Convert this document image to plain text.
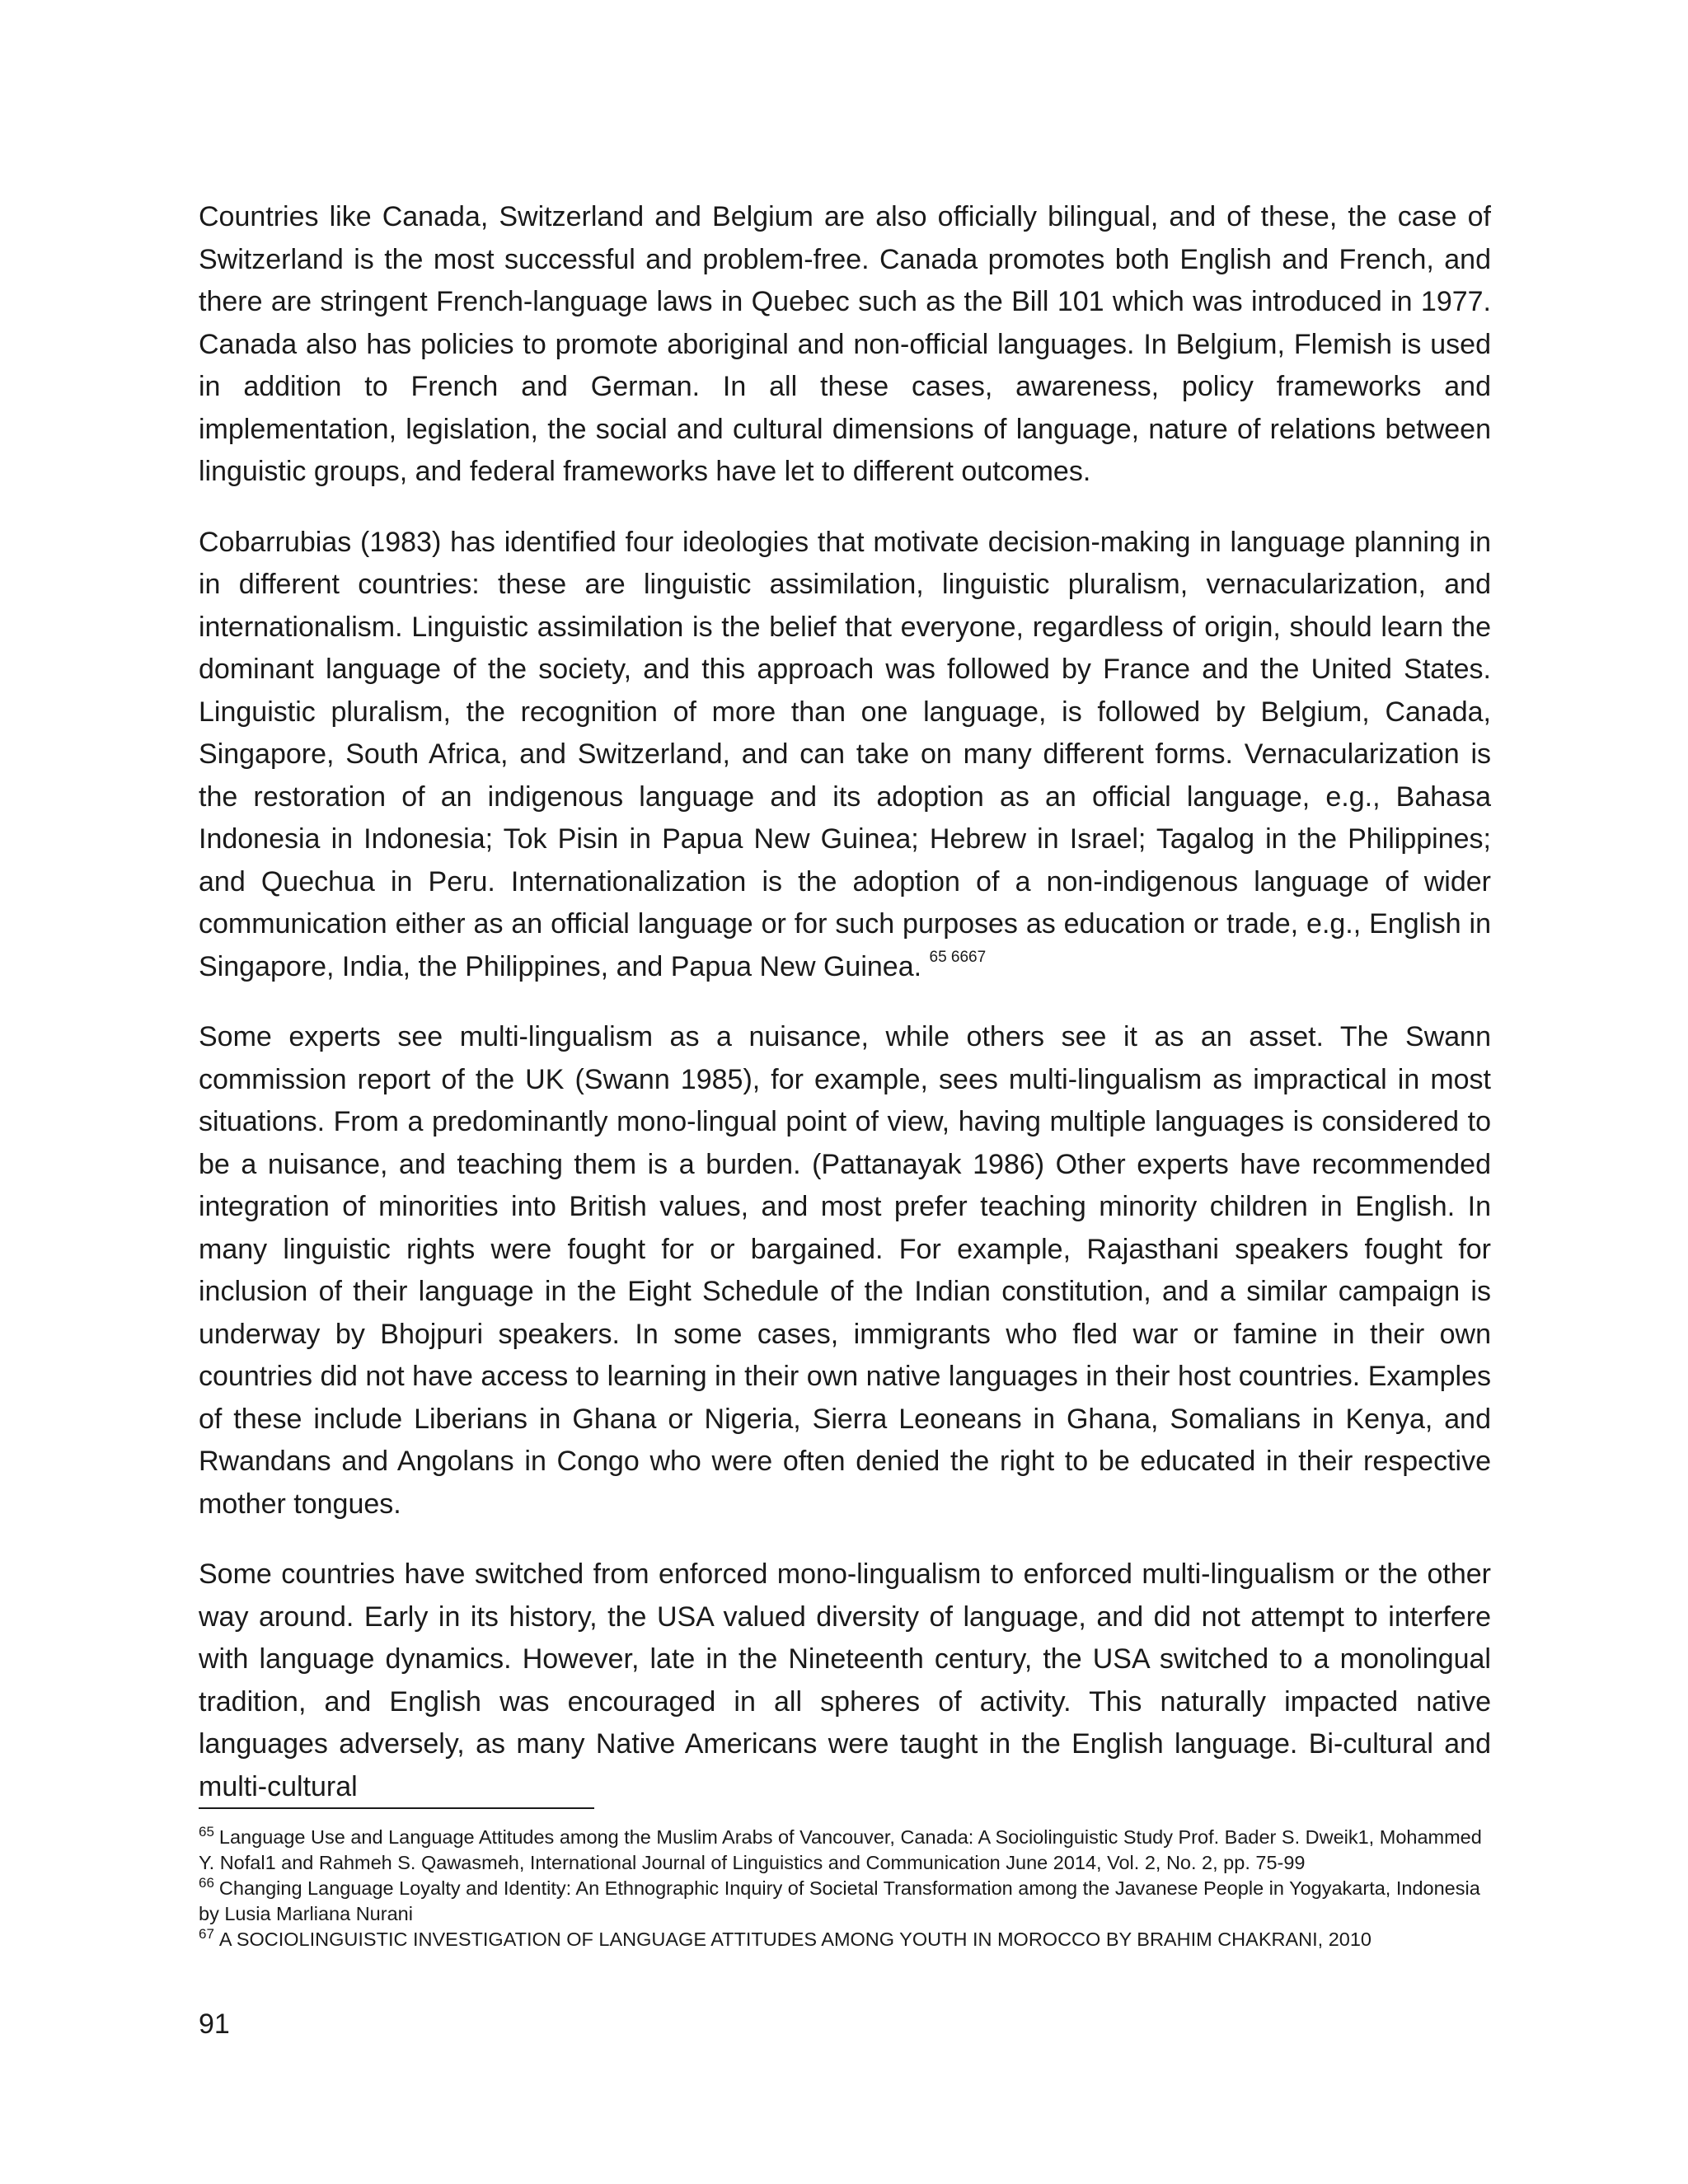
Countries like Canada, Switzerland and Belgium are also officially bilingual, and of these, the case of Switzerland is the most successful and problem-free. Canada promotes both English and French, and there are stringent French-language laws in Quebec such as the Bill 101 which was introduced in 1977. Canada also has policies to promote aboriginal and non-official languages. In Belgium, Flemish is used in addition to French and German. In all these cases, awareness, policy frameworks and implementation, legislation, the social and cultural dimensions of language, nature of relations between linguistic groups, and federal frameworks have let to different outcomes.

Cobarrubias (1983) has identified four ideologies that motivate decision-making in language planning in in different countries: these are linguistic assimilation, linguistic pluralism, vernacularization, and internationalism. Linguistic assimilation is the belief that everyone, regardless of origin, should learn the dominant language of the society, and this approach was followed by France and the United States. Linguistic pluralism, the recognition of more than one language, is followed by Belgium, Canada, Singapore, South Africa, and Switzerland, and can take on many different forms. Vernacularization is the restoration of an indigenous language and its adoption as an official language, e.g., Bahasa Indonesia in Indonesia; Tok Pisin in Papua New Guinea; Hebrew in Israel; Tagalog in the Philippines; and Quechua in Peru. Internationalization is the adoption of a non-indigenous language of wider communication either as an official language or for such purposes as education or trade, e.g., English in Singapore, India, the Philippines, and Papua New Guinea. $^{65 6667}$

Some experts see multi-lingualism as a nuisance, while others see it as an asset. The Swann commission report of the UK (Swann 1985), for example, sees multi-lingualism as impractical in most situations. From a predominantly mono-lingual point of view, having multiple languages is considered to be a nuisance, and teaching them is a burden. (Pattanayak 1986) Other experts have recommended integration of minorities into British values, and most prefer teaching minority children in English. In many linguistic rights were fought for or bargained. For example, Rajasthani speakers fought for inclusion of their language in the Eight Schedule of the Indian constitution, and a similar campaign is underway by Bhojpuri speakers. In some cases, immigrants who fled war or famine in their own countries did not have access to learning in their own native languages in their host countries. Examples of these include Liberians in Ghana or Nigeria, Sierra Leoneans in Ghana, Somalians in Kenya, and Rwandans and Angolans in Congo who were often denied the right to be educated in their respective mother tongues.

Some countries have switched from enforced mono-lingualism to enforced multi-lingualism or the other way around. Early in its history, the USA valued diversity of language, and did not attempt to interfere with language dynamics. However, late in the Nineteenth century, the USA switched to a monolingual tradition, and English was encouraged in all spheres of activity. This naturally impacted native languages adversely, as many Native Americans were taught in the English language. Bi-cultural and multi-cultural

$^{65}$ Language Use and Language Attitudes among the Muslim Arabs of Vancouver, Canada: A Sociolinguistic Study Prof. Bader S. Dweik1, Mohammed Y. Nofal1 and Rahmeh S. Qawasmeh, International Journal of Linguistics and Communication June 2014, Vol. 2, No. 2, pp. 75-99

$^{66}$ Changing Language Loyalty and Identity: An Ethnographic Inquiry of Societal Transformation among the Javanese People in Yogyakarta, Indonesia by Lusia Marliana Nurani

$^{67}$ A SOCIOLINGUISTIC INVESTIGATION OF LANGUAGE ATTITUDES AMONG YOUTH IN MOROCCO BY BRAHIM CHAKRANI, 2010

91
